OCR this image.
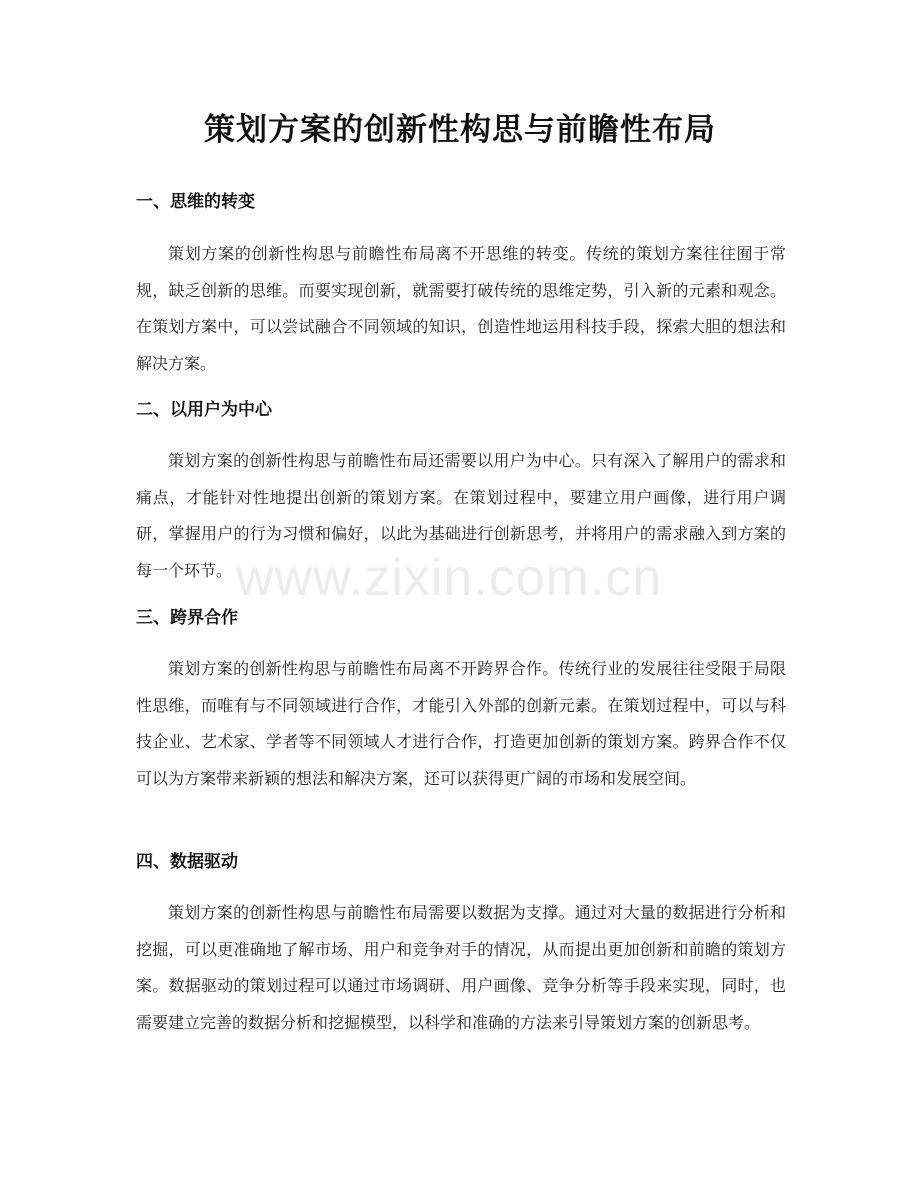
策划方案的创新性构思与前瞻性布局
一、思维的转变
策划方案的创新性构思与前瞻性布局离不开思维的转变。传统的策划方案往往囿于常规，缺乏创新的思维。而要实现创新，就需要打破传统的思维定势，引入新的元素和观念。在策划方案中，可以尝试融合不同领域的知识，创造性地运用科技手段，探索大胆的想法和解决方案。
二、以用户为中心
策划方案的创新性构思与前瞻性布局还需要以用户为中心。只有深入了解用户的需求和痛点，才能针对性地提出创新的策划方案。在策划过程中，要建立用户画像，进行用户调研，掌握用户的行为习惯和偏好，以此为基础进行创新思考，并将用户的需求融入到方案的每一个环节。
三、跨界合作
策划方案的创新性构思与前瞻性布局离不开跨界合作。传统行业的发展往往受限于局限性思维，而唯有与不同领域进行合作，才能引入外部的创新元素。在策划过程中，可以与科技企业、艺术家、学者等不同领域人才进行合作，打造更加创新的策划方案。跨界合作不仅可以为方案带来新颖的想法和解决方案，还可以获得更广阔的市场和发展空间。
四、数据驱动
策划方案的创新性构思与前瞻性布局需要以数据为支撑。通过对大量的数据进行分析和挖掘，可以更准确地了解市场、用户和竞争对手的情况，从而提出更加创新和前瞻的策划方案。数据驱动的策划过程可以通过市场调研、用户画像、竞争分析等手段来实现，同时，也需要建立完善的数据分析和挖掘模型，以科学和准确的方法来引导策划方案的创新思考。
www.zixin.com.cn
